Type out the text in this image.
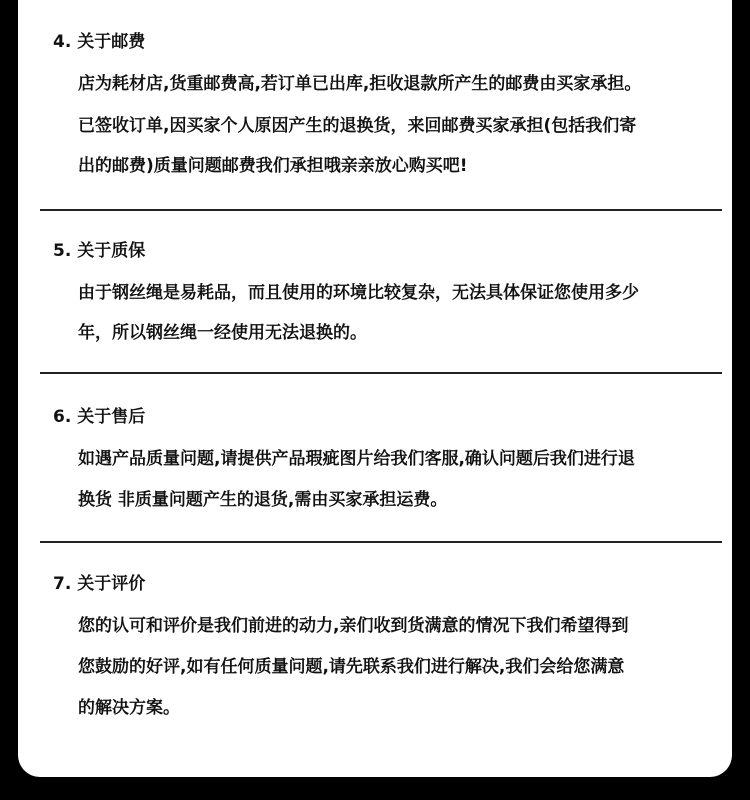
4. 关于邮费
店为耗材店,货重邮费高,若订单已出库,拒收退款所产生的邮费由买家承担。
已签收订单,因买家个人原因产生的退换货，来回邮费买家承担(包括我们寄
出的邮费)质量问题邮费我们承担哦亲亲放心购买吧!
5. 关于质保
由于钢丝绳是易耗品，而且使用的环境比较复杂，无法具体保证您使用多少
年，所以钢丝绳一经使用无法退换的。
6. 关于售后
如遇产品质量问题,请提供产品瑕疵图片给我们客服,确认问题后我们进行退
换货 非质量问题产生的退货,需由买家承担运费。
7. 关于评价
您的认可和评价是我们前进的动力,亲们收到货满意的情况下我们希望得到
您鼓励的好评,如有任何质量问题,请先联系我们进行解决,我们会给您满意
的解决方案。
